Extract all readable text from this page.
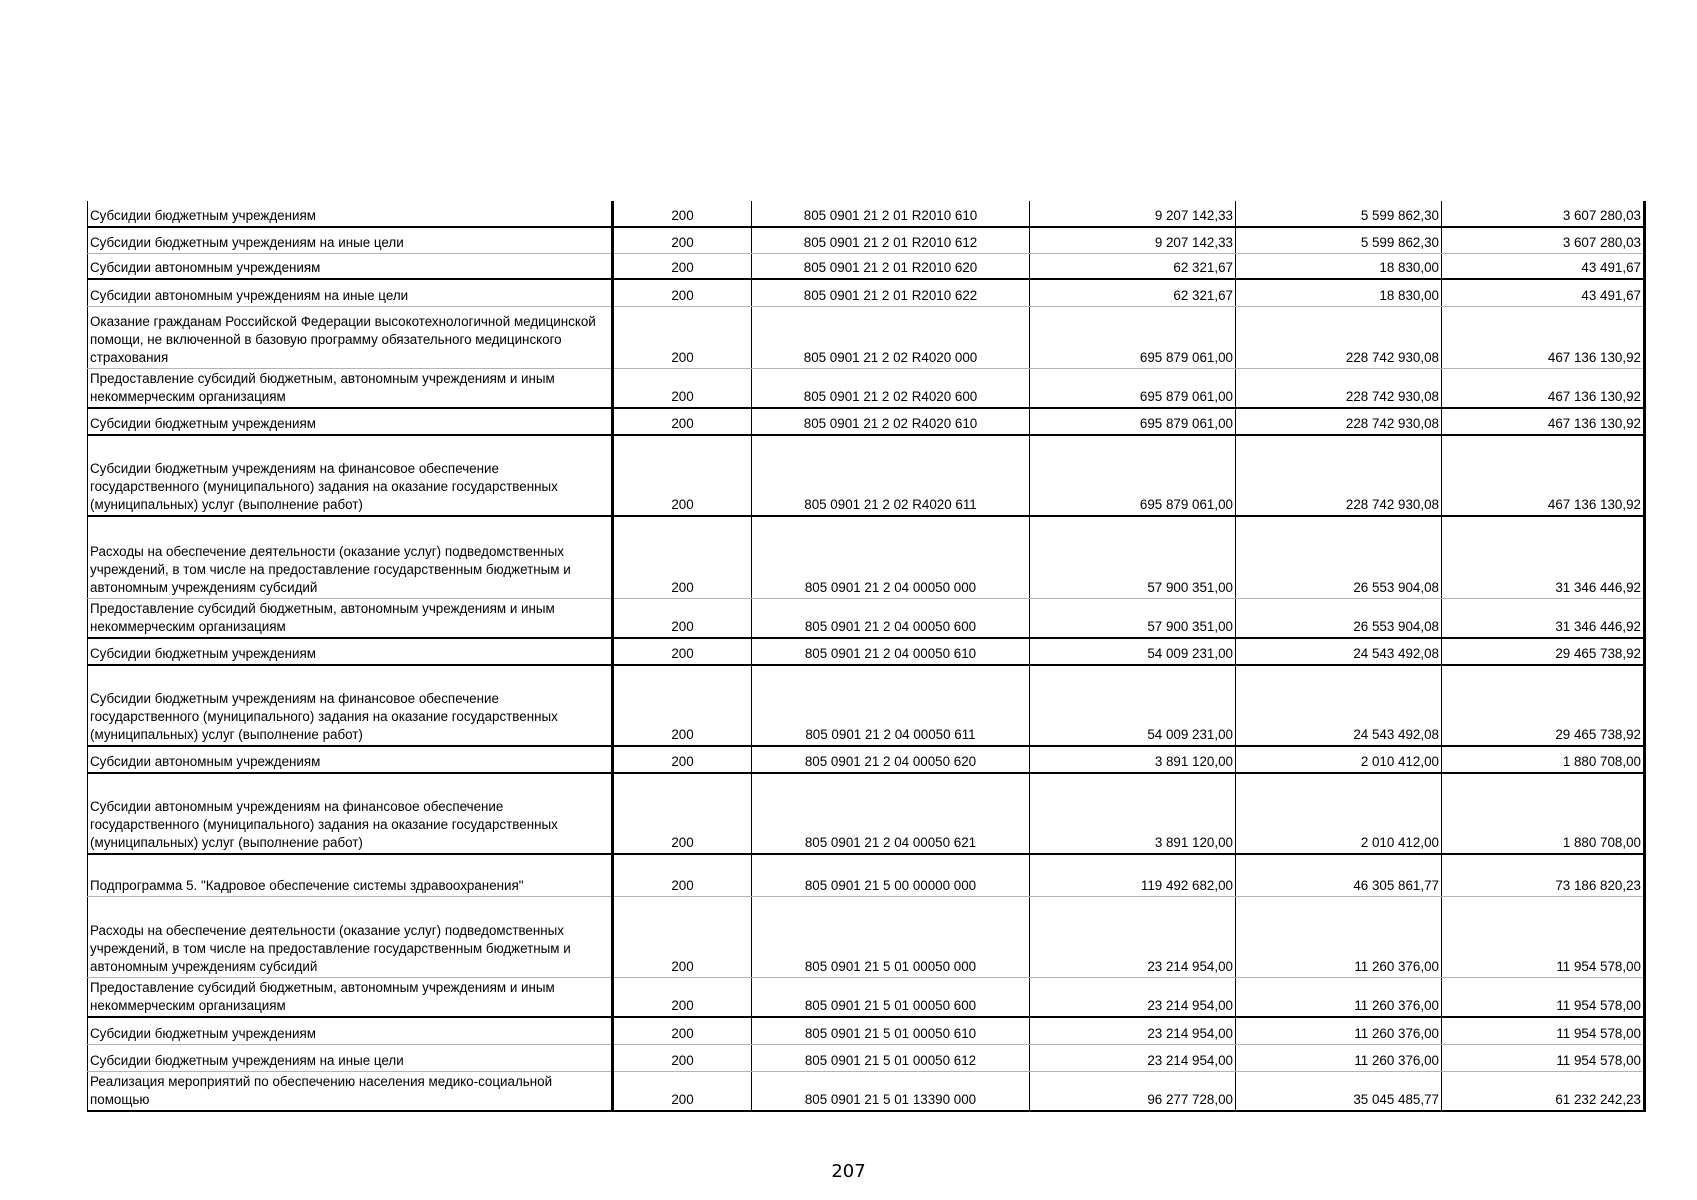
Субсидии бюджетным учреждениям	200	805 0901 21 2 01 R2010 610	9 207 142,33	5 599 862,30	3 607 280,03
Субсидии бюджетным учреждениям на иные цели	200	805 0901 21 2 01 R2010 612	9 207 142,33	5 599 862,30	3 607 280,03
Субсидии автономным учреждениям	200	805 0901 21 2 01 R2010 620	62 321,67	18 830,00	43 491,67
Субсидии автономным учреждениям на иные цели	200	805 0901 21 2 01 R2010 622	62 321,67	18 830,00	43 491,67
Оказание гражданам Российской Федерации высокотехнологичной медицинской помощи, не включенной в базовую программу обязательного медицинского страхования	200	805 0901 21 2 02 R4020 000	695 879 061,00	228 742 930,08	467 136 130,92
Предоставление субсидий бюджетным, автономным учреждениям и иным некоммерческим организациям	200	805 0901 21 2 02 R4020 600	695 879 061,00	228 742 930,08	467 136 130,92
Субсидии бюджетным учреждениям	200	805 0901 21 2 02 R4020 610	695 879 061,00	228 742 930,08	467 136 130,92
Субсидии бюджетным учреждениям на финансовое обеспечение государственного (муниципального) задания на оказание государственных (муниципальных) услуг (выполнение работ)	200	805 0901 21 2 02 R4020 611	695 879 061,00	228 742 930,08	467 136 130,92
Расходы на обеспечение деятельности (оказание услуг) подведомственных учреждений, в том числе на предоставление государственным бюджетным и автономным учреждениям субсидий	200	805 0901 21 2 04 00050 000	57 900 351,00	26 553 904,08	31 346 446,92
Предоставление субсидий бюджетным, автономным учреждениям и иным некоммерческим организациям	200	805 0901 21 2 04 00050 600	57 900 351,00	26 553 904,08	31 346 446,92
Субсидии бюджетным учреждениям	200	805 0901 21 2 04 00050 610	54 009 231,00	24 543 492,08	29 465 738,92
Субсидии бюджетным учреждениям на финансовое обеспечение государственного (муниципального) задания на оказание государственных (муниципальных) услуг (выполнение работ)	200	805 0901 21 2 04 00050 611	54 009 231,00	24 543 492,08	29 465 738,92
Субсидии автономным учреждениям	200	805 0901 21 2 04 00050 620	3 891 120,00	2 010 412,00	1 880 708,00
Субсидии автономным учреждениям на финансовое обеспечение государственного (муниципального) задания на оказание государственных (муниципальных) услуг (выполнение работ)	200	805 0901 21 2 04 00050 621	3 891 120,00	2 010 412,00	1 880 708,00
Подпрограмма 5. "Кадровое обеспечение системы здравоохранения"	200	805 0901 21 5 00 00000 000	119 492 682,00	46 305 861,77	73 186 820,23
Расходы на обеспечение деятельности (оказание услуг) подведомственных учреждений, в том числе на предоставление государственным бюджетным и автономным учреждениям субсидий	200	805 0901 21 5 01 00050 000	23 214 954,00	11 260 376,00	11 954 578,00
Предоставление субсидий бюджетным, автономным учреждениям и иным некоммерческим организациям	200	805 0901 21 5 01 00050 600	23 214 954,00	11 260 376,00	11 954 578,00
Субсидии бюджетным учреждениям	200	805 0901 21 5 01 00050 610	23 214 954,00	11 260 376,00	11 954 578,00
Субсидии бюджетным учреждениям на иные цели	200	805 0901 21 5 01 00050 612	23 214 954,00	11 260 376,00	11 954 578,00
Реализация мероприятий по обеспечению населения медико-социальной помощью	200	805 0901 21 5 01 13390 000	96 277 728,00	35 045 485,77	61 232 242,23
207
